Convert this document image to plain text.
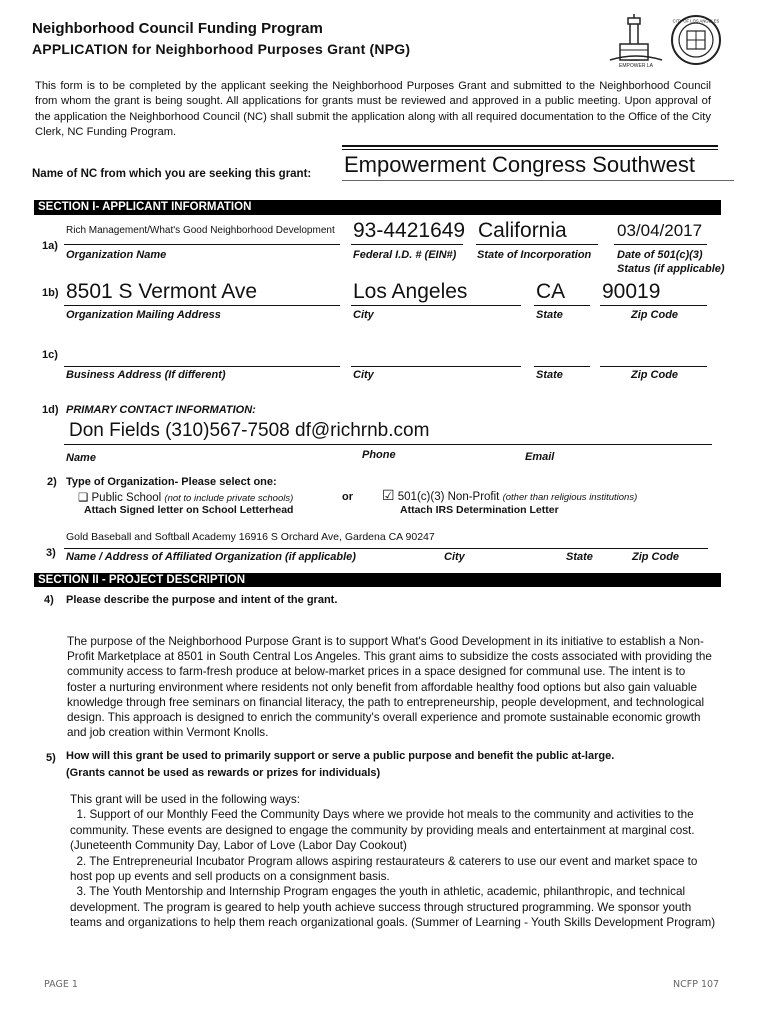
Neighborhood Council Funding Program
APPLICATION for Neighborhood Purposes Grant (NPG)
EMPOWER LA
CITY OF LOS ANGELES
This form is to be completed by the applicant seeking the Neighborhood Purposes Grant and submitted to the Neighborhood Council from whom the grant is being sought. All applications for grants must be reviewed and approved in a public meeting. Upon approval of the application the Neighborhood Council (NC) shall submit the application along with all required documentation to the Office of the City Clerk, NC Funding Program.
Name of NC from which you are seeking this grant: Empowerment Congress Southwest
SECTION I- APPLICANT INFORMATION
1a)
Rich Management/What's Good Neighborhood Development
Organization Name
93-4421649
Federal I.D. # (EIN#)
California
State of Incorporation
03/04/2017
Date of 501(c)(3)
Status (if applicable)
1b) 8501 S Vermont Ave
Organization Mailing Address
Los Angeles
City
CA
State
90019
Zip Code
1c)
Business Address (If different)	City	State	Zip Code
1d) PRIMARY CONTACT INFORMATION:
Don Fields (310)567-7508 df@richrnb.com
Name	Phone	Email
2) Type of Organization- Please select one:
❑ Public School (not to include private schools)
Attach Signed letter on School Letterhead
or ☑ 501(c)(3) Non-Profit (other than religious institutions)
Attach IRS Determination Letter
Gold Baseball and Softball Academy 16916 S Orchard Ave, Gardena CA 90247
3) Name / Address of Affiliated Organization (if applicable)	City	State	Zip Code
SECTION II - PROJECT DESCRIPTION
4) Please describe the purpose and intent of the grant.
The purpose of the Neighborhood Purpose Grant is to support What's Good Development in its initiative to establish a Non-Profit Marketplace at 8501 in South Central Los Angeles. This grant aims to subsidize the costs associated with providing the community access to farm-fresh produce at below-market prices in a space designed for communal use. The intent is to foster a nurturing environment where residents not only benefit from affordable healthy food options but also gain valuable knowledge through free seminars on financial literacy, the path to entrepreneurship, people development, and technological design. This approach is designed to enrich the community's overall experience and promote sustainable economic growth and job creation within Vermont Knolls.
5) How will this grant be used to primarily support or serve a public purpose and benefit the public at-large.
(Grants cannot be used as rewards or prizes for individuals)
This grant will be used in the following ways:
1. Support of our Monthly Feed the Community Days where we provide hot meals to the community and activities to the community. These events are designed to engage the community by providing meals and entertainment at marginal cost. (Juneteenth Community Day, Labor of Love (Labor Day Cookout)
2. The Entrepreneurial Incubator Program allows aspiring restaurateurs & caterers to use our event and market space to host pop up events and sell products on a consignment basis.
3. The Youth Mentorship and Internship Program engages the youth in athletic, academic, philanthropic, and technical development. The program is geared to help youth achieve success through structured programming. We sponsor youth teams and organizations to help them reach organizational goals. (Summer of Learning - Youth Skills Development Program)
PAGE 1	NCFP 107
